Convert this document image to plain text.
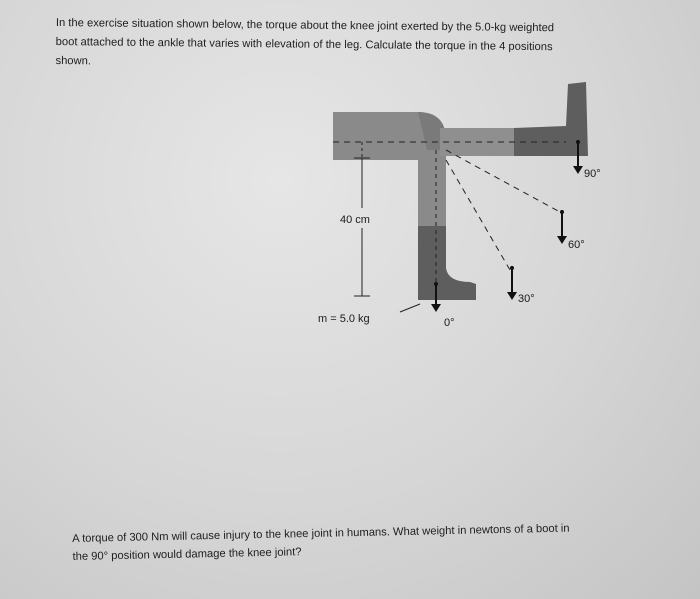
In the exercise situation shown below, the torque about the knee joint exerted by the 5.0-kg weighted
boot attached to the ankle that varies with elevation of the leg. Calculate the torque in the 4 positions
shown.
40 cm
m = 5.0 kg	0°
30°
60°
90°
A torque of 300 Nm will cause injury to the knee joint in humans. What weight in newtons of a boot in
the 90° position would damage the knee joint?
